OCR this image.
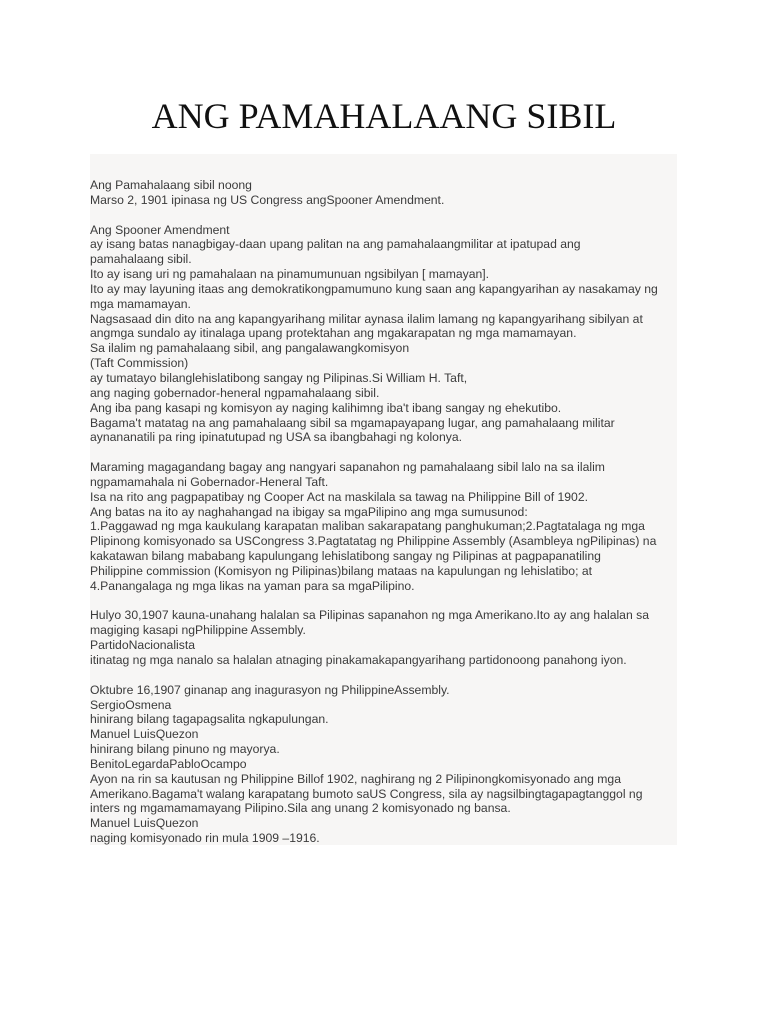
ANG PAMAHALAANG SIBIL

Ang Pamahalaang sibil noong
Marso 2, 1901 ipinasa ng US Congress angSpooner Amendment.

Ang Spooner Amendment
ay isang batas nanagbigay-daan upang palitan na ang pamahalaangmilitar at ipatupad ang
pamahalaang sibil.
Ito ay isang uri ng pamahalaan na pinamumunuan ngsibilyan [ mamayan].
Ito ay may layuning itaas ang demokratikongpamumuno kung saan ang kapangyarihan ay nasakamay ng
mga mamamayan.
Nagsasaad din dito na ang kapangyarihang militar aynasa ilalim lamang ng kapangyarihang sibilyan at
angmga sundalo ay itinalaga upang protektahan ang mgakarapatan ng mga mamamayan.
Sa ilalim ng pamahalaang sibil, ang pangalawangkomisyon
(Taft Commission)
ay tumatayo bilanglehislatibong sangay ng Pilipinas.Si William H. Taft,
ang naging gobernador-heneral ngpamahalaang sibil.
Ang iba pang kasapi ng komisyon ay naging kalihimng iba't ibang sangay ng ehekutibo.
Bagama't matatag na ang pamahalaang sibil sa mgamapayapang lugar, ang pamahalaang militar
aynananatili pa ring ipinatutupad ng USA sa ibangbahagi ng kolonya.

Maraming magagandang bagay ang nangyari sapanahon ng pamahalaang sibil lalo na sa ilalim
ngpamamahala ni Gobernador-Heneral Taft.
Isa na rito ang pagpapatibay ng Cooper Act na maskilala sa tawag na Philippine Bill of 1902.
Ang batas na ito ay naghahangad na ibigay sa mgaPilipino ang mga sumusunod:
1.Paggawad ng mga kaukulang karapatan maliban sakarapatang panghukuman;2.Pagtatalaga ng mga
Plipinong komisyonado sa USCongress 3.Pagtatatag ng Philippine Assembly (Asambleya ngPilipinas) na
kakatawan bilang mababang kapulungang lehislatibong sangay ng Pilipinas at pagpapanatiling
Philippine commission (Komisyon ng Pilipinas)bilang mataas na kapulungan ng lehislatibo; at
4.Panangalaga ng mga likas na yaman para sa mgaPilipino.

Hulyo 30,1907 kauna-unahang halalan sa Pilipinas sapanahon ng mga Amerikano.Ito ay ang halalan sa
magiging kasapi ngPhilippine Assembly.
PartidoNacionalista
itinatag ng mga nanalo sa halalan atnaging pinakamakapangyarihang partidonoong panahong iyon.

Oktubre 16,1907 ginanap ang inagurasyon ng PhilippineAssembly.
SergioOsmena
hinirang bilang tagapagsalita ngkapulungan.
Manuel LuisQuezon
hinirang bilang pinuno ng mayorya.
BenitoLegardaPabloOcampo
Ayon na rin sa kautusan ng Philippine Billof 1902, naghirang ng 2 Pilipinongkomisyonado ang mga
Amerikano.Bagama't walang karapatang bumoto saUS Congress, sila ay nagsilbingtagapagtanggol ng
inters ng mgamamamayang Pilipino.Sila ang unang 2 komisyonado ng bansa.
Manuel LuisQuezon
naging komisyonado rin mula 1909 –1916.
